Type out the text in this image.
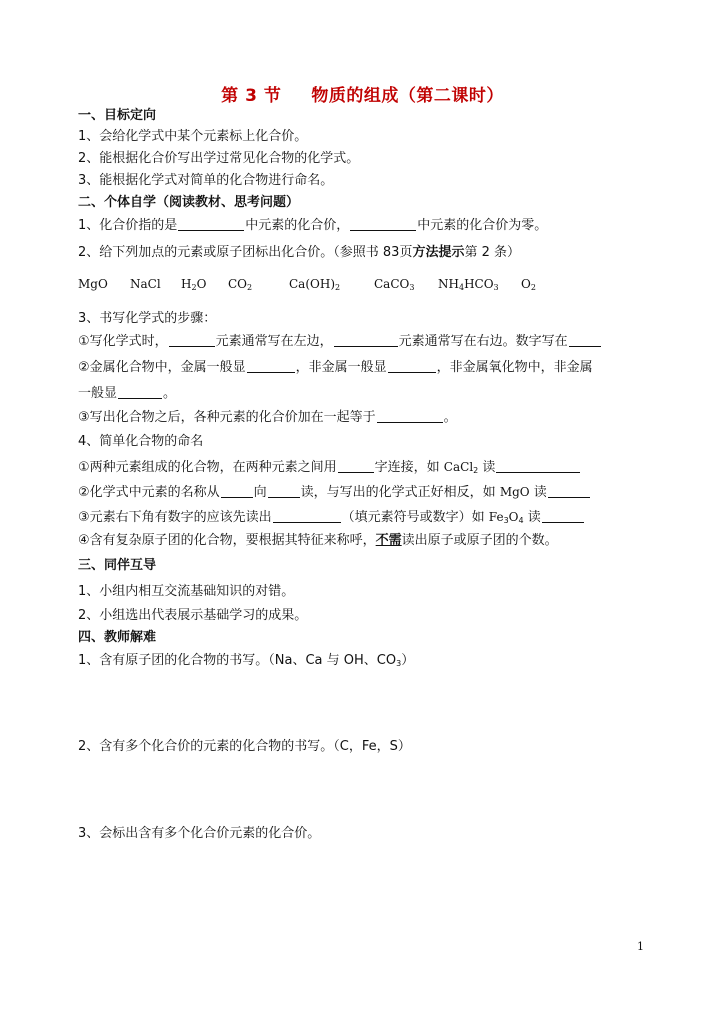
第 3 节 物质的组成（第二课时）
一、目标定向
1、会给化学式中某个元素标上化合价。
2、能根据化合价写出学过常见化合物的化学式。
3、能根据化学式对简单的化合物进行命名。
二、个体自学（阅读教材、思考问题）
1、化合价指的是	中元素的化合价，	中元素的化合价为零。
2、给下列加点的元素或原子团标出化合价。（参照书 83页方法提示第 2 条）
MgO NaCl $H_2O$ $CO_2$	$Ca(OH)_2$	CaCO$_3$ $NH_4HCO_3$ $O_2$
3、书写化学式的步骤：
①写化学式时，	元素通常写在左边，	元素通常写在右边。数字写在
②金属化合物中，金属一般显	，非金属一般显	，非金属氧化物中，非金属
一般显	。
③写出化合物之后，各种元素的化合价加在一起等于	。
4、简单化合物的命名
①两种元素组成的化合物，在两种元素之间用	字连接，如 CaCl$_2$ 读
②化学式中元素的名称从	向	读，与写出的化学式正好相反，如 MgO 读
③元素右下角有数字的应该先读出	（填元素符号或数字）如 $Fe_3O_4$ 读
④含有复杂原子团的化合物，要根据其特征来称呼，不需读出原子或原子团的个数。
三、同伴互导
1、小组内相互交流基础知识的对错。
2、小组选出代表展示基础学习的成果。
四、教师解难
1、含有原子团的化合物的书写。（Na、Ca 与 OH、$CO_3$）
2、含有多个化合价的元素的化合物的书写。（C，Fe，S）
3、会标出含有多个化合价元素的化合价。
1
